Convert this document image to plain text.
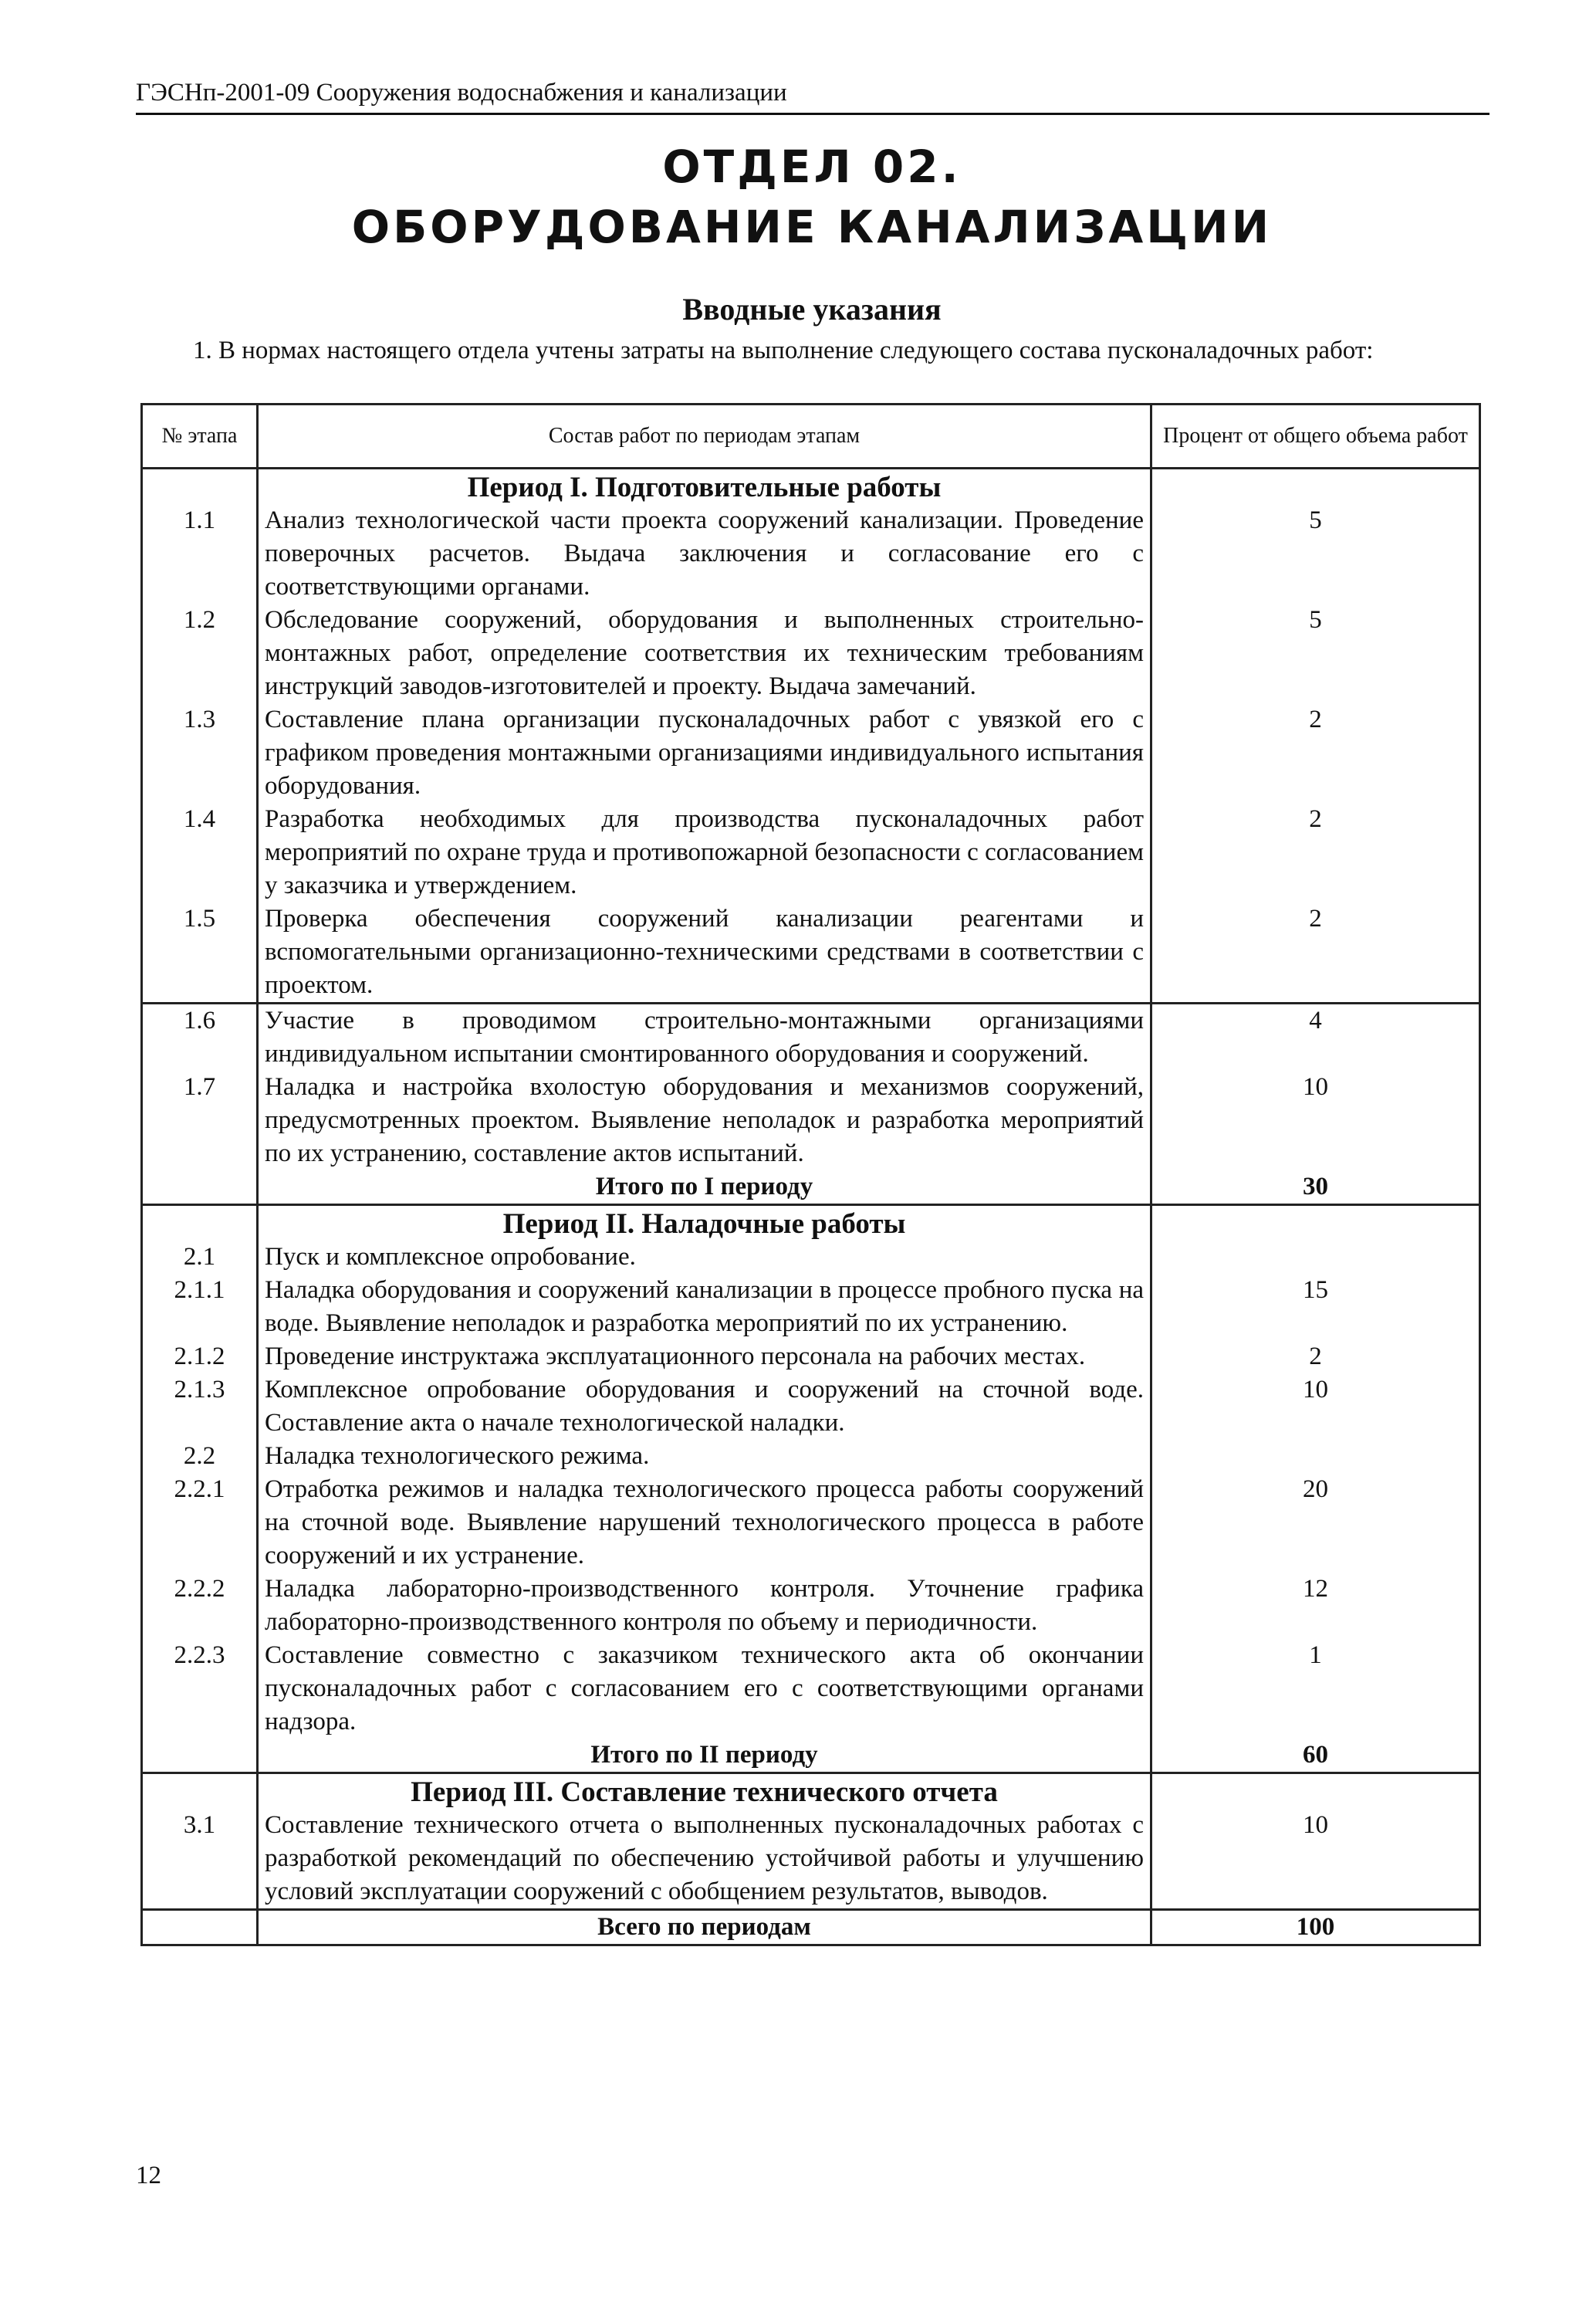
ГЭСНп-2001-09 Сооружения водоснабжения и канализации
ОТДЕЛ 02.
ОБОРУДОВАНИЕ КАНАЛИЗАЦИИ
Вводные указания
1. В нормах настоящего отдела учтены затраты на выполнение следующего состава пусконаладочных работ:
№ этапа	Состав работ по периодам этапам	Процент от общего объема работ
	Период I. Подготовительные работы	
1.1	Анализ технологической части проекта сооружений канализации. Проведение поверочных расчетов. Выдача заключения и согласование его с соответствующими органами.	5
1.2	Обследование сооружений, оборудования и выполненных строительно-монтажных работ, определение соответствия их техническим требованиям инструкций заводов-изготовителей и проекту. Выдача замечаний.	5
1.3	Составление плана организации пусконаладочных работ с увязкой его с графиком проведения монтажными организациями индивидуального испытания оборудования.	2
1.4	Разработка необходимых для производства пусконаладочных работ мероприятий по охране труда и противопожарной безопасности с согласованием у заказчика и утверждением.	2
1.5	Проверка обеспечения сооружений канализации реагентами и вспомогательными организационно-техническими средствами в соответствии с проектом.	2
1.6	Участие в проводимом строительно-монтажными организациями индивидуальном испытании смонтированного оборудования и сооружений.	4
1.7	Наладка и настройка вхолостую оборудования и механизмов сооружений, предусмотренных проектом. Выявление неполадок и разработка мероприятий по их устранению, составление актов испытаний.	10
	Итого по I периоду	30
	Период II. Наладочные работы	
2.1	Пуск и комплексное опробование.	
2.1.1	Наладка оборудования и сооружений канализации в процессе пробного пуска на воде. Выявление неполадок и разработка мероприятий по их устранению.	15
2.1.2	Проведение инструктажа эксплуатационного персонала на рабочих местах.	2
2.1.3	Комплексное опробование оборудования и сооружений на сточной воде. Составление акта о начале технологической наладки.	10
2.2	Наладка технологического режима.	
2.2.1	Отработка режимов и наладка технологического процесса работы сооружений на сточной воде. Выявление нарушений технологического процесса в работе сооружений и их устранение.	20
2.2.2	Наладка лабораторно-производственного контроля. Уточнение графика лабораторно-производственного контроля по объему и периодичности.	12
2.2.3	Составление совместно с заказчиком технического акта об окончании пусконаладочных работ с согласованием его с соответствующими органами надзора.	1
	Итого по II периоду	60
	Период III. Составление технического отчета	
3.1	Составление технического отчета о выполненных пусконаладочных работах с разработкой рекомендаций по обеспечению устойчивой работы и улучшению условий эксплуатации сооружений с обобщением результатов, выводов.	10
	Всего по периодам	100
12
